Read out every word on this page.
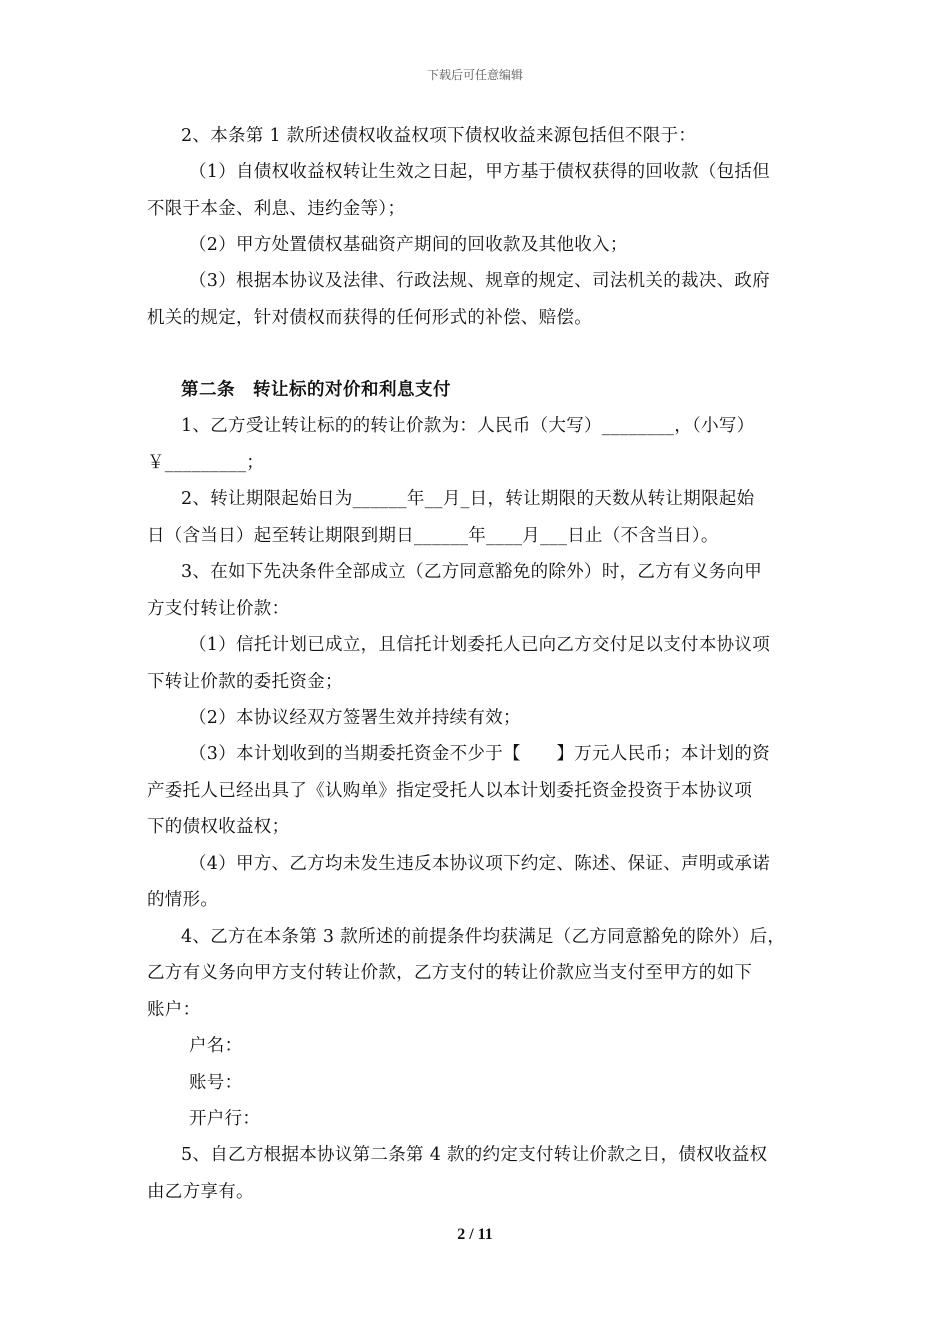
下载后可任意编辑
2、本条第 1 款所述债权收益权项下债权收益来源包括但不限于：
（1）自债权收益权转让生效之日起，甲方基于债权获得的回收款（包括但
不限于本金、利息、违约金等）；
（2）甲方处置债权基础资产期间的回收款及其他收入；
（3）根据本协议及法律、行政法规、规章的规定、司法机关的裁决、政府
机关的规定，针对债权而获得的任何形式的补偿、赔偿。
第二条　转让标的对价和利息支付
1、乙方受让转让标的的转让价款为：人民币（大写）________，（小写）
￥_________；
2、转让期限起始日为______年__月_日，转让期限的天数从转让期限起始
日（含当日）起至转让期限到期日______年____月___日止（不含当日）。
3、在如下先决条件全部成立（乙方同意豁免的除外）时，乙方有义务向甲
方支付转让价款：
（1）信托计划已成立，且信托计划委托人已向乙方交付足以支付本协议项
下转让价款的委托资金；
（2）本协议经双方签署生效并持续有效；
（3）本计划收到的当期委托资金不少于【　　】万元人民币；本计划的资
产委托人已经出具了《认购单》指定受托人以本计划委托资金投资于本协议项
下的债权收益权；
（4）甲方、乙方均未发生违反本协议项下约定、陈述、保证、声明或承诺
的情形。
4、乙方在本条第 3 款所述的前提条件均获满足（乙方同意豁免的除外）后，
乙方有义务向甲方支付转让价款，乙方支付的转让价款应当支付至甲方的如下
账户：
户名：
账号：
开户行：
5、自乙方根据本协议第二条第 4 款的约定支付转让价款之日，债权收益权
由乙方享有。
2 / 11
